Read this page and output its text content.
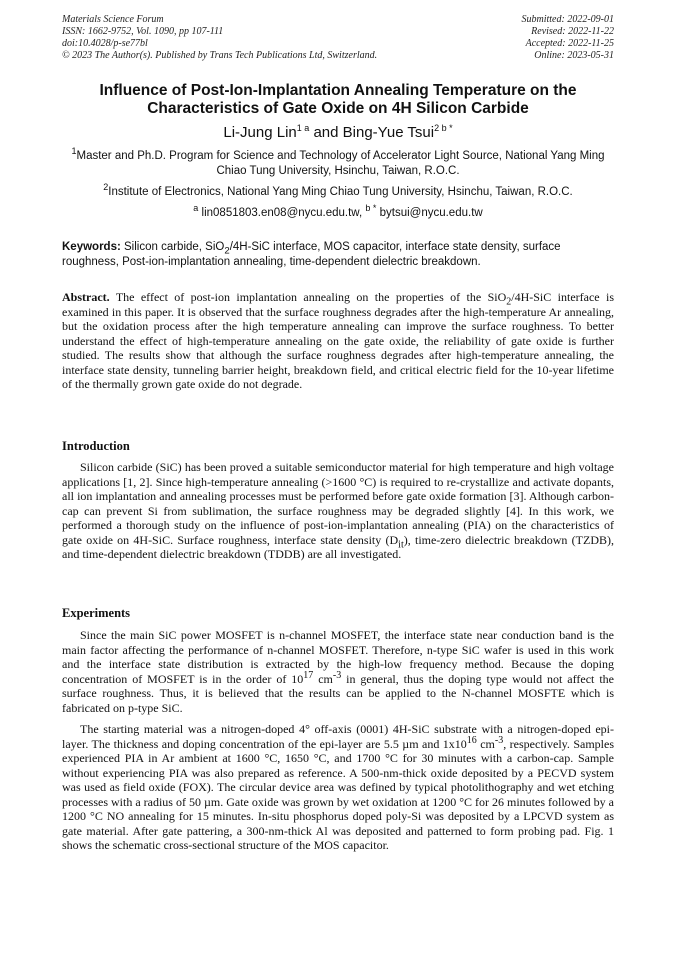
Materials Science Forum
ISSN: 1662-9752, Vol. 1090, pp 107-111
doi:10.4028/p-se77bl
© 2023 The Author(s). Published by Trans Tech Publications Ltd, Switzerland.
Submitted: 2022-09-01
Revised: 2022-11-22
Accepted: 2022-11-25
Online: 2023-05-31
Influence of Post-Ion-Implantation Annealing Temperature on the
Characteristics of Gate Oxide on 4H Silicon Carbide
Li-Jung Lin$^{1 a}$ and Bing-Yue Tsui$^{2 b *}$
$^1$Master and Ph.D. Program for Science and Technology of Accelerator Light Source, National Yang Ming Chiao Tung University, Hsinchu, Taiwan, R.O.C.
$^2$Institute of Electronics, National Yang Ming Chiao Tung University, Hsinchu, Taiwan, R.O.C.
$^a$ lin0851803.en08@nycu.edu.tw, $^{b *}$ bytsui@nycu.edu.tw
Keywords: Silicon carbide, SiO$_2$/4H-SiC interface, MOS capacitor, interface state density, surface roughness, Post-ion-implantation annealing, time-dependent dielectric breakdown.
Abstract. The effect of post-ion implantation annealing on the properties of the SiO$_2$/4H-SiC interface is examined in this paper. It is observed that the surface roughness degrades after the high-temperature Ar annealing, but the oxidation process after the high temperature annealing can improve the surface roughness. To better understand the effect of high-temperature annealing on the gate oxide, the reliability of gate oxide is further studied. The results show that although the surface roughness degrades after high-temperature annealing, the interface state density, tunneling barrier height, breakdown field, and critical electric field for the 10-year lifetime of the thermally grown gate oxide do not degrade.
Introduction
Silicon carbide (SiC) has been proved a suitable semiconductor material for high temperature and high voltage applications [1, 2]. Since high-temperature annealing (>1600 °C) is required to re-crystallize and activate dopants, all ion implantation and annealing processes must be performed before gate oxide formation [3]. Although carbon-cap can prevent Si from sublimation, the surface roughness may be degraded slightly [4]. In this work, we performed a thorough study on the influence of post-ion-implantation annealing (PIA) on the characteristics of gate oxide on 4H-SiC. Surface roughness, interface state density $(D_{it})$, time-zero dielectric breakdown (TZDB), and time-dependent dielectric breakdown (TDDB) are all investigated.
Experiments
Since the main SiC power MOSFET is n-channel MOSFET, the interface state near conduction band is the main factor affecting the performance of n-channel MOSFET. Therefore, n-type SiC wafer is used in this work and the interface state distribution is extracted by the high-low frequency method. Because the doping concentration of MOSFET is in the order of $10^{17}$ $cm^{-3}$ in general, thus the doping type would not affect the surface roughness. Thus, it is believed that the results can be applied to the N-channel MOSFTE which is fabricated on p-type SiC.
The starting material was a nitrogen-doped 4° off-axis (0001) 4H-SiC substrate with a nitrogen-doped epi-layer. The thickness and doping concentration of the epi-layer are 5.5 µm and $1x10^{16}$ $cm^{-3}$, respectively. Samples experienced PIA in Ar ambient at 1600 °C, 1650 °C, and 1700 °C for 30 minutes with a carbon-cap. Sample without experiencing PIA was also prepared as reference. A 500-nm-thick oxide deposited by a PECVD system was used as field oxide (FOX). The circular device area was defined by typical photolithography and wet etching processes with a radius of 50 µm. Gate oxide was grown by wet oxidation at 1200 °C for 26 minutes followed by a 1200 °C NO annealing for 15 minutes. In-situ phosphorus doped poly-Si was deposited by a LPCVD system as gate material. After gate pattering, a 300-nm-thick Al was deposited and patterned to form probing pad. Fig. 1 shows the schematic cross-sectional structure of the MOS capacitor.
